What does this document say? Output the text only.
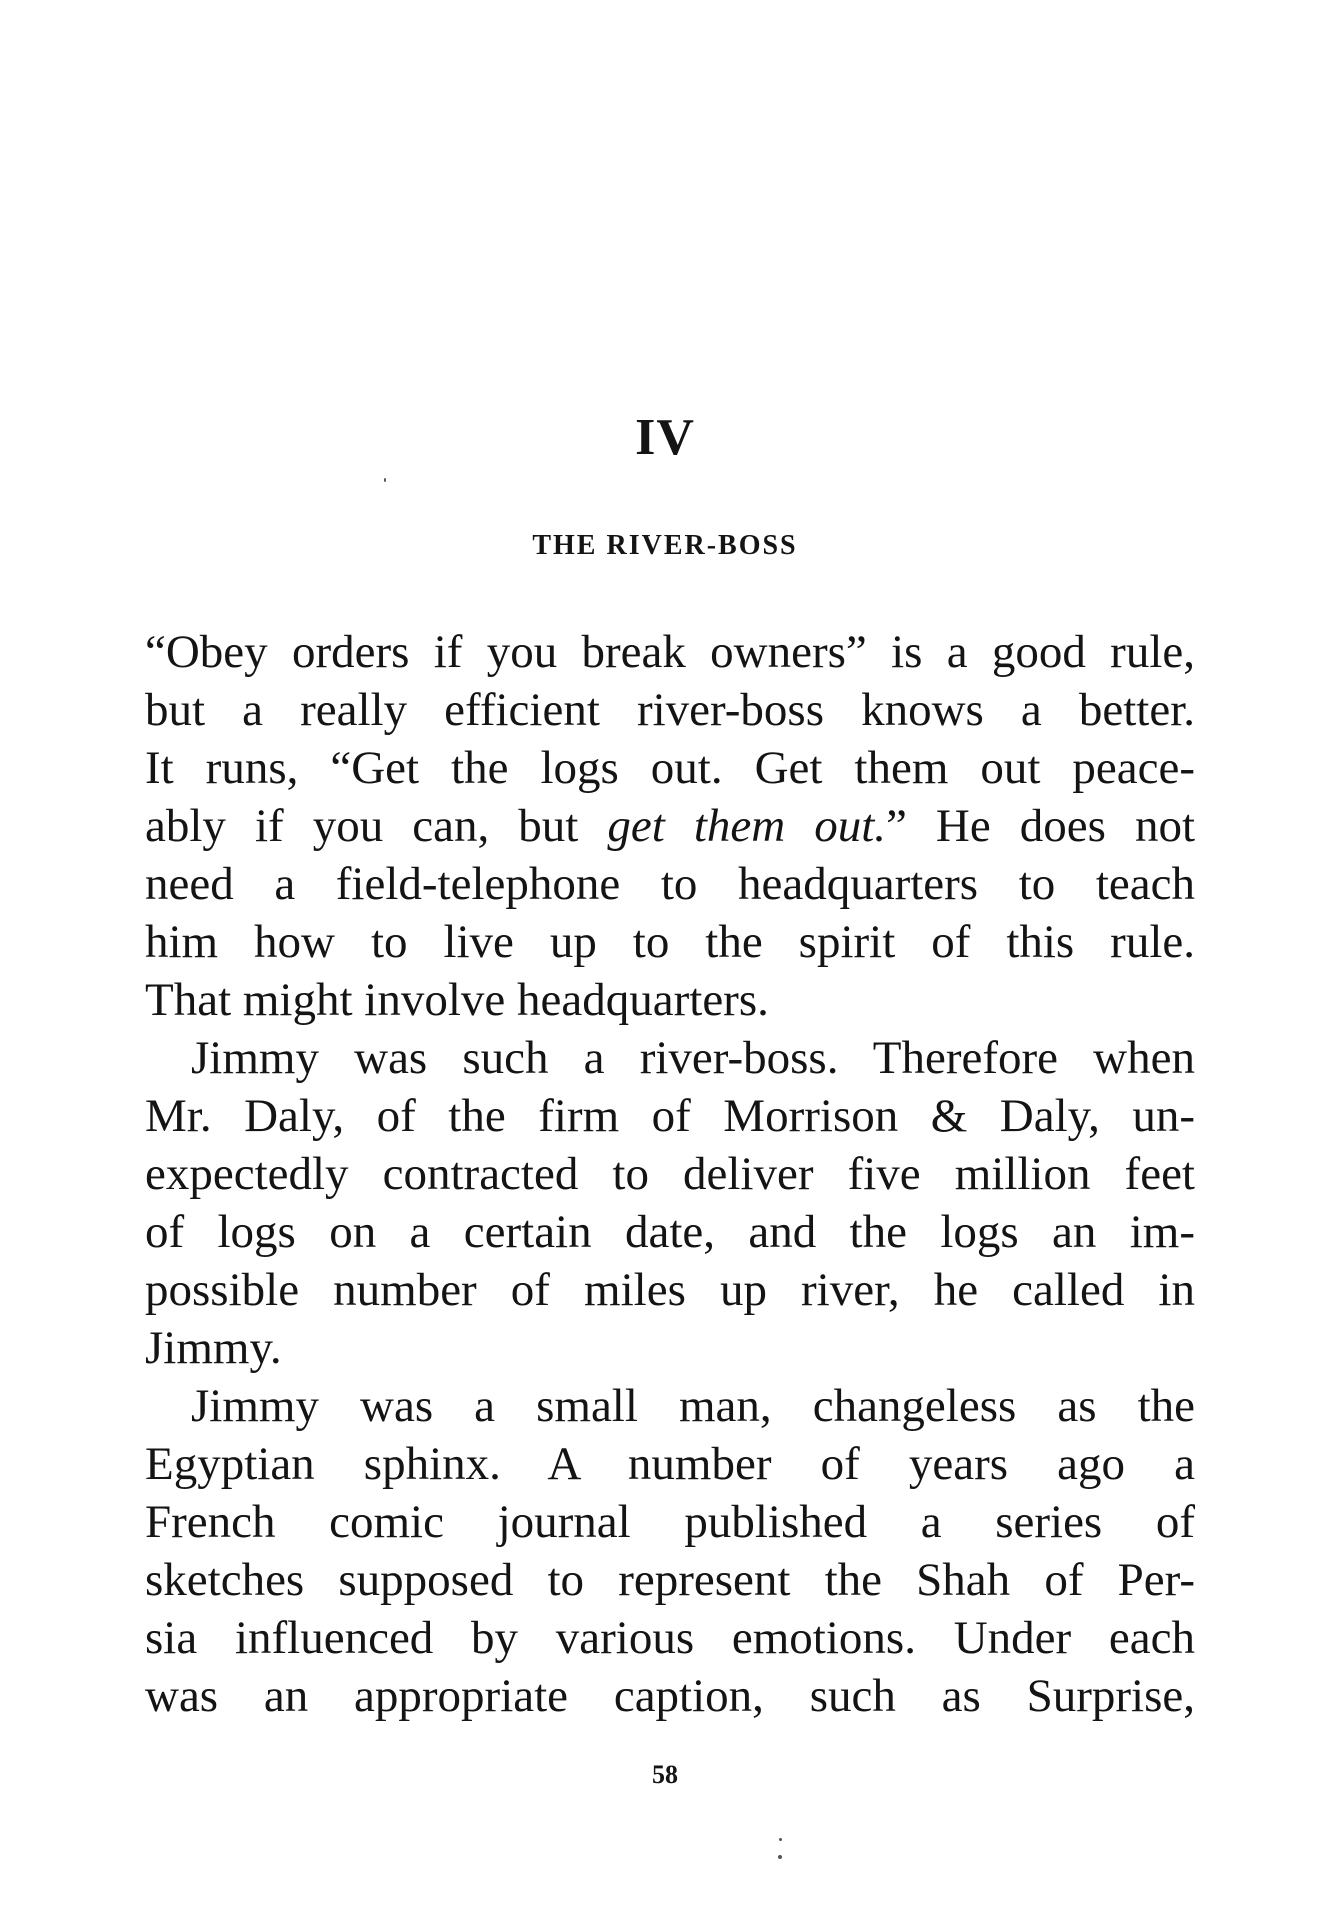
IV
THE RIVER-BOSS
“Obey orders if you break owners” is a good rule,
but a really efficient river-boss knows a better.
It runs, “Get the logs out. Get them out peace-
ably if you can, but get them out.” He does not
need a field-telephone to headquarters to teach
him how to live up to the spirit of this rule.
That might involve headquarters.
Jimmy was such a river-boss. Therefore when
Mr. Daly, of the firm of Morrison & Daly, un-
expectedly contracted to deliver five million feet
of logs on a certain date, and the logs an im-
possible number of miles up river, he called in
Jimmy.
Jimmy was a small man, changeless as the
Egyptian sphinx. A number of years ago a
French comic journal published a series of
sketches supposed to represent the Shah of Per-
sia influenced by various emotions. Under each
was an appropriate caption, such as Surprise,
58
